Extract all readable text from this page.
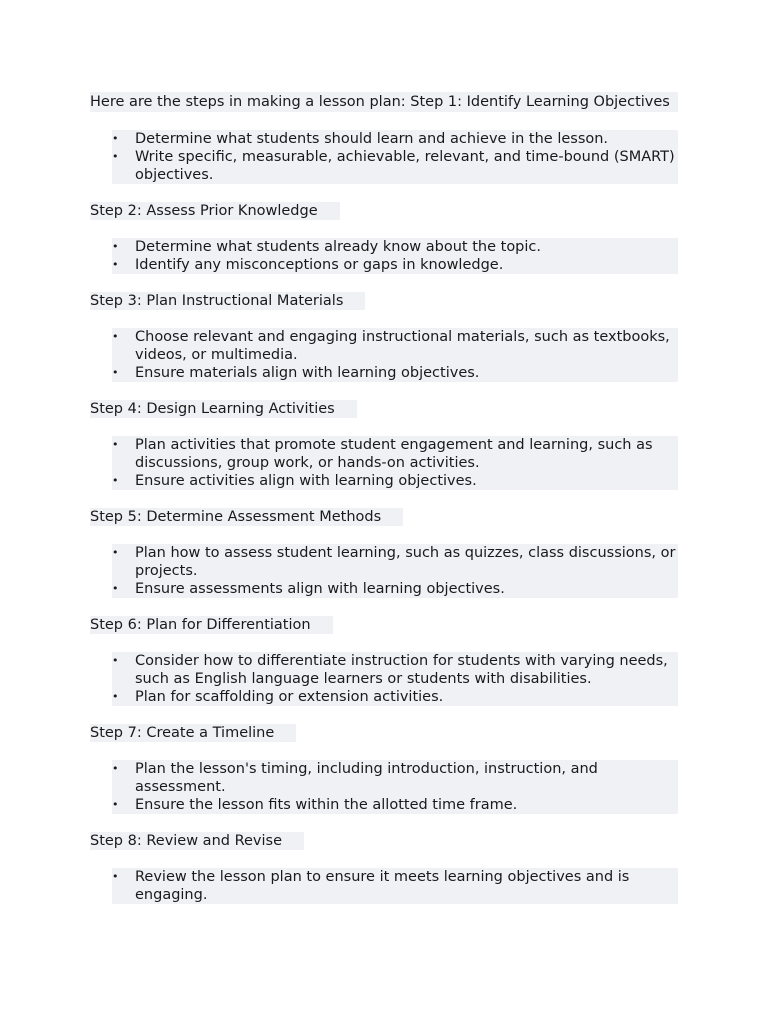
Here are the steps in making a lesson plan: Step 1: Identify Learning Objectives

• Determine what students should learn and achieve in the lesson.
• Write specific, measurable, achievable, relevant, and time-bound (SMART) objectives.

Step 2: Assess Prior Knowledge

• Determine what students already know about the topic.
• Identify any misconceptions or gaps in knowledge.

Step 3: Plan Instructional Materials

• Choose relevant and engaging instructional materials, such as textbooks, videos, or multimedia.
• Ensure materials align with learning objectives.

Step 4: Design Learning Activities

• Plan activities that promote student engagement and learning, such as discussions, group work, or hands-on activities.
• Ensure activities align with learning objectives.

Step 5: Determine Assessment Methods

• Plan how to assess student learning, such as quizzes, class discussions, or projects.
• Ensure assessments align with learning objectives.

Step 6: Plan for Differentiation

• Consider how to differentiate instruction for students with varying needs, such as English language learners or students with disabilities.
• Plan for scaffolding or extension activities.

Step 7: Create a Timeline

• Plan the lesson's timing, including introduction, instruction, and assessment.
• Ensure the lesson fits within the allotted time frame.

Step 8: Review and Revise

• Review the lesson plan to ensure it meets learning objectives and is engaging.
